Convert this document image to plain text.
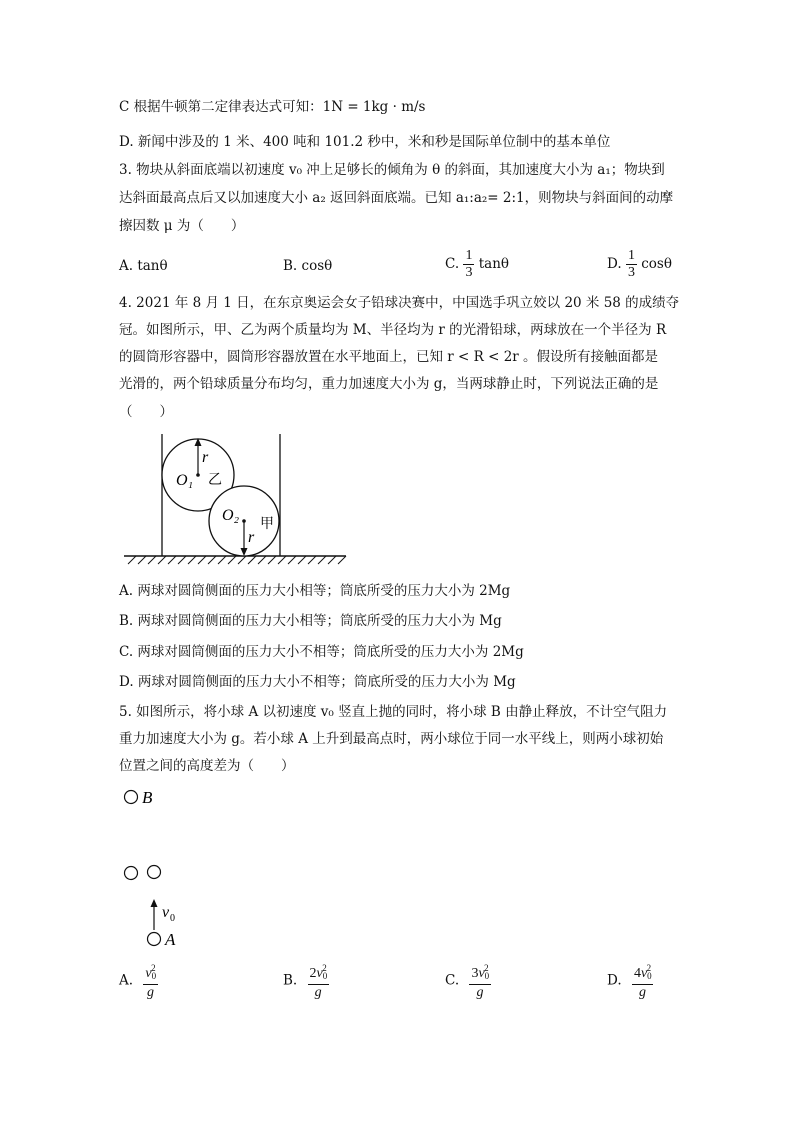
C 根据牛顿第二定律表达式可知：1N = 1kg · m/s
D. 新闻中涉及的 1 米、400 吨和 101.2 秒中，米和秒是国际单位制中的基本单位
3. 物块从斜面底端以初速度 v₀ 冲上足够长的倾角为 θ 的斜面，其加速度大小为 a₁；物块到
达斜面最高点后又以加速度大小 a₂ 返回斜面底端。已知 a₁:a₂= 2:1，则物块与斜面间的动摩
擦因数 μ 为（　　）
A. tanθ	B. cosθ	C. $\frac{1}{3}$ tanθ	D. $\frac{1}{3}$ cosθ
4. 2021 年 8 月 1 日，在东京奥运会女子铅球决赛中，中国选手巩立姣以 20 米 58 的成绩夺
冠。如图所示，甲、乙为两个质量均为 M、半径均为 r 的光滑铅球，两球放在一个半径为 R
的圆筒形容器中，圆筒形容器放置在水平地面上，已知 r < R < 2r 。假设所有接触面都是
光滑的，两个铅球质量分布均匀，重力加速度大小为 g，当两球静止时，下列说法正确的是
（　　）
r
O₁ 乙
O₂ 甲
r
A. 两球对圆筒侧面的压力大小相等；筒底所受的压力大小为 2Mg
B. 两球对圆筒侧面的压力大小相等；筒底所受的压力大小为 Mg
C. 两球对圆筒侧面的压力大小不相等；筒底所受的压力大小为 2Mg
D. 两球对圆筒侧面的压力大小不相等；筒底所受的压力大小为 Mg
5. 如图所示，将小球 A 以初速度 v₀ 竖直上抛的同时，将小球 B 由静止释放，不计空气阻力
重力加速度大小为 g。若小球 A 上升到最高点时，两小球位于同一水平线上，则两小球初始
位置之间的高度差为（　　）
B
v 0
A
A. $\frac{v_0^2}{g}$	B. $\frac{2v_0^2}{g}$	C. $\frac{3v_0^2}{g}$	D. $\frac{4v_0^2}{g}$
